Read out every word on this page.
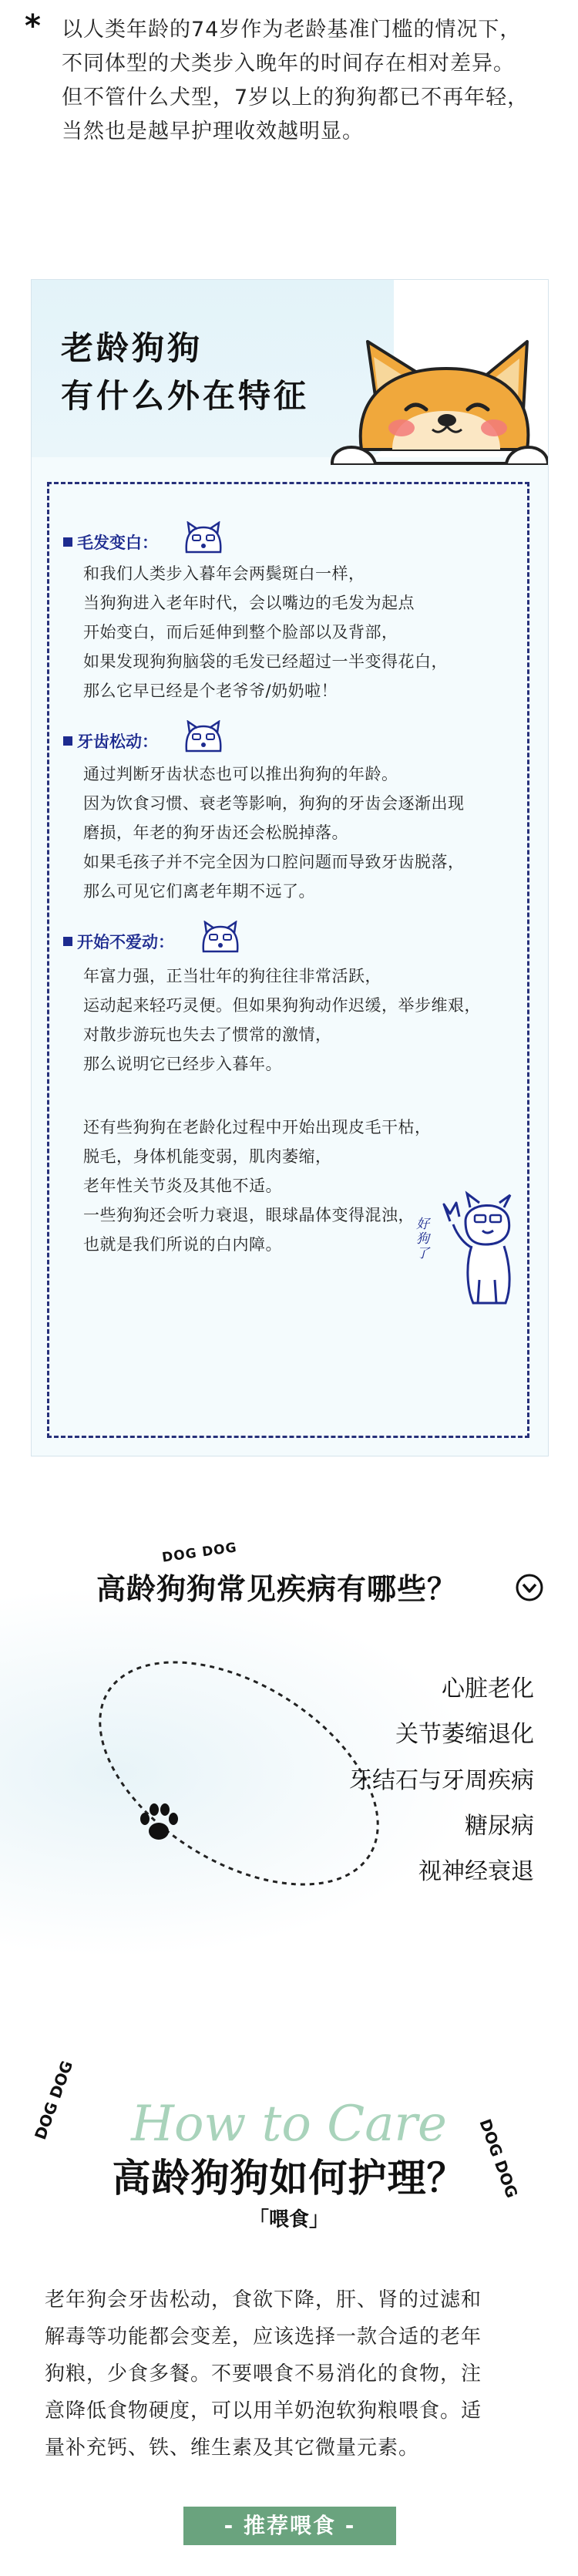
* 以人类年龄的74岁作为老龄基准门槛的情况下，
不同体型的犬类步入晚年的时间存在相对差异。
但不管什么犬型，7岁以上的狗狗都已不再年轻，
当然也是越早护理收效越明显。
老龄狗狗
有什么外在特征
毛发变白：
和我们人类步入暮年会两鬓斑白一样，
当狗狗进入老年时代，会以嘴边的毛发为起点
开始变白，而后延伸到整个脸部以及背部，
如果发现狗狗脑袋的毛发已经超过一半变得花白，
那么它早已经是个老爷爷/奶奶啦！
牙齿松动：
通过判断牙齿状态也可以推出狗狗的年龄。
因为饮食习惯、衰老等影响，狗狗的牙齿会逐渐出现
磨损，年老的狗牙齿还会松脱掉落。
如果毛孩子并不完全因为口腔问题而导致牙齿脱落，
那么可见它们离老年期不远了。
开始不爱动：
年富力强，正当壮年的狗往往非常活跃，
运动起来轻巧灵便。但如果狗狗动作迟缓，举步维艰，
对散步游玩也失去了惯常的激情，
那么说明它已经步入暮年。
还有些狗狗在老龄化过程中开始出现皮毛干枯，
脱毛，身体机能变弱，肌肉萎缩，
老年性关节炎及其他不适。
一些狗狗还会听力衰退，眼球晶体变得混浊，
也就是我们所说的白内障。	好狗了
DOG DOG
高龄狗狗常见疾病有哪些？
心脏老化
关节萎缩退化
牙结石与牙周疾病
糖尿病
视神经衰退
How to Care
DOG DOG
DOG DOG
高龄狗狗如何护理？
「喂食」
老年狗会牙齿松动，食欲下降，肝、肾的过滤和
解毒等功能都会变差，应该选择一款合适的老年
狗粮，少食多餐。不要喂食不易消化的食物，注
意降低食物硬度，可以用羊奶泡软狗粮喂食。适
量补充钙、铁、维生素及其它微量元素。
- 推荐喂食 -
